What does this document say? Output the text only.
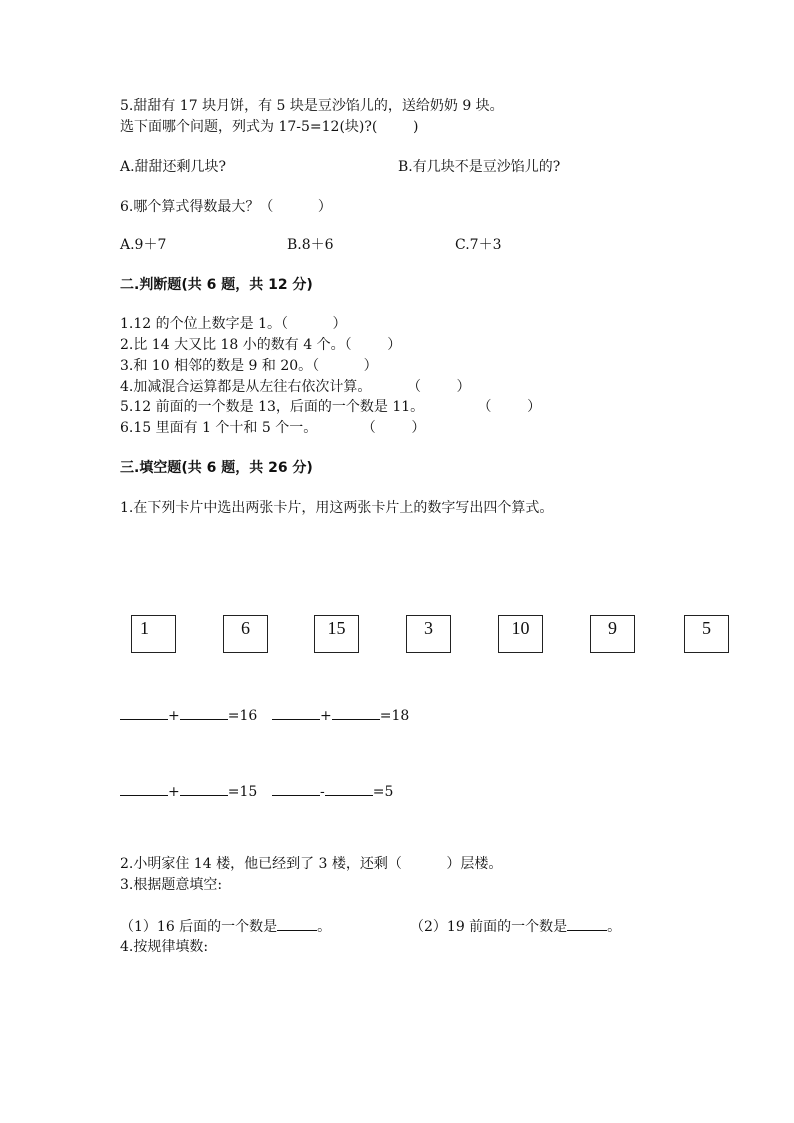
5.甜甜有 17 块月饼，有 5 块是豆沙馅儿的，送给奶奶 9 块。
选下面哪个问题，列式为 17-5=12(块)?(        )
A.甜甜还剩几块?	B.有几块不是豆沙馅儿的?
6.哪个算式得数最大？（          ）
A.9＋7	B.8＋6	C.7＋3
二.判断题(共 6 题，共 12 分)
1.12 的个位上数字是 1。（          ）
2.比 14 大又比 18 小的数有 4 个。（        ）
3.和 10 相邻的数是 9 和 20。（          ）
4.加减混合运算都是从左往右依次计算。        （        ）
5.12 前面的一个数是 13，后面的一个数是 11。            （        ）
6.15 里面有 1 个十和 5 个一。          （        ）
三.填空题(共 6 题，共 26 分)
1.在下列卡片中选出两张卡片，用这两张卡片上的数字写出四个算式。
1	6	15	3	10	9	5
+	=16	+	=18
+	=15	-	=5
2.小明家住 14 楼，他已经到了 3 楼，还剩（          ）层楼。
3.根据题意填空:
（1）16 后面的一个数是	。	（2）19 前面的一个数是	。
4.按规律填数:
